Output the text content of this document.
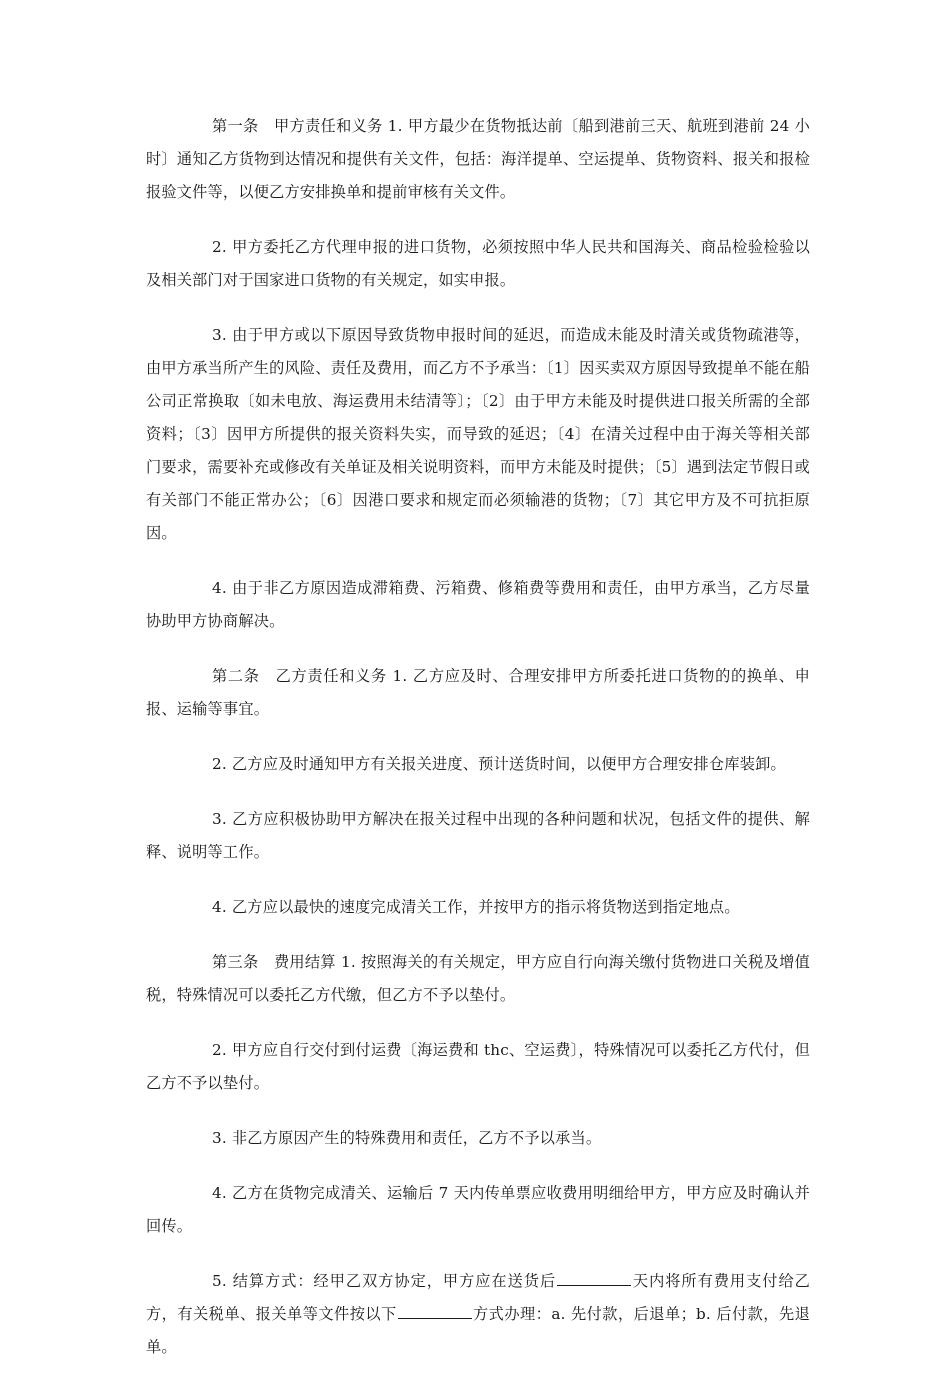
第一条　甲方责任和义务 1. 甲方最少在货物抵达前〔船到港前三天、航班到港前 24 小时〕通知乙方货物到达情况和提供有关文件，包括：海洋提单、空运提单、货物资料、报关和报检报验文件等，以便乙方安排换单和提前审核有关文件。

2. 甲方委托乙方代理申报的进口货物，必须按照中华人民共和国海关、商品检验检验以及相关部门对于国家进口货物的有关规定，如实申报。

3. 由于甲方或以下原因导致货物申报时间的延迟，而造成未能及时清关或货物疏港等，由甲方承当所产生的风险、责任及费用，而乙方不予承当：〔1〕因买卖双方原因导致提单不能在船公司正常换取〔如未电放、海运费用未结清等〕；〔2〕由于甲方未能及时提供进口报关所需的全部资料；〔3〕因甲方所提供的报关资料失实，而导致的延迟；〔4〕在清关过程中由于海关等相关部门要求，需要补充或修改有关单证及相关说明资料，而甲方未能及时提供；〔5〕遇到法定节假日或有关部门不能正常办公；〔6〕因港口要求和规定而必须输港的货物；〔7〕其它甲方及不可抗拒原因。

4. 由于非乙方原因造成滞箱费、污箱费、修箱费等费用和责任，由甲方承当，乙方尽量协助甲方协商解决。

第二条　乙方责任和义务 1. 乙方应及时、合理安排甲方所委托进口货物的的换单、申报、运输等事宜。

2. 乙方应及时通知甲方有关报关进度、预计送货时间，以便甲方合理安排仓库装卸。

3. 乙方应积极协助甲方解决在报关过程中出现的各种问题和状况，包括文件的提供、解释、说明等工作。

4. 乙方应以最快的速度完成清关工作，并按甲方的指示将货物送到指定地点。

第三条　费用结算 1. 按照海关的有关规定，甲方应自行向海关缴付货物进口关税及增值税，特殊情况可以委托乙方代缴，但乙方不予以垫付。

2. 甲方应自行交付到付运费〔海运费和 thc、空运费〕，特殊情况可以委托乙方代付，但乙方不予以垫付。

3. 非乙方原因产生的特殊费用和责任，乙方不予以承当。

4. 乙方在货物完成清关、运输后 7 天内传单票应收费用明细给甲方，甲方应及时确认并回传。

5. 结算方式：经甲乙双方协定，甲方应在送货后	天内将所有费用支付给乙方，有关税单、报关单等文件按以下	方式办理：a. 先付款，后退单；b. 后付款，先退单。
